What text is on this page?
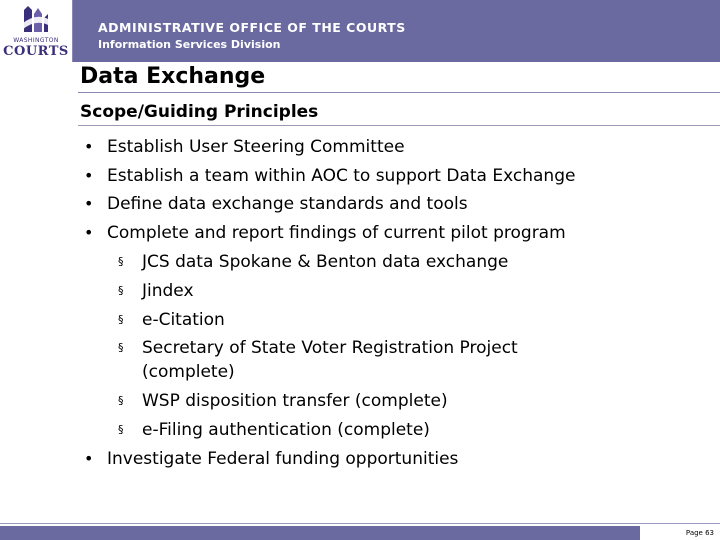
WASHINGTON
COURTS
ADMINISTRATIVE OFFICE OF THE COURTS
Information Services Division
Data Exchange
Scope/Guiding Principles
• Establish User Steering Committee
• Establish a team within AOC to support Data Exchange
• Define data exchange standards and tools
• Complete and report findings of current pilot program
§ JCS data Spokane & Benton data exchange
§ Jindex
§ e-Citation
§ Secretary of State Voter Registration Project
(complete)
§ WSP disposition transfer (complete)
§ e-Filing authentication (complete)
• Investigate Federal funding opportunities
Page 63
